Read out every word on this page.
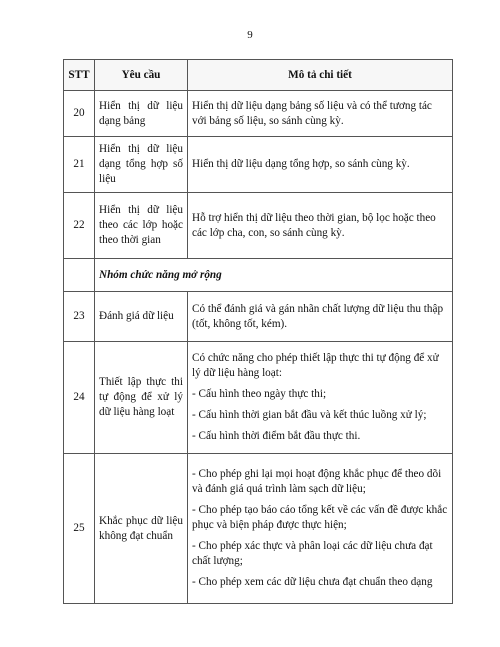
9
STT	Yêu cầu	Mô tả chi tiết
20	Hiển thị dữ liệu dạng bảng	Hiển thị dữ liệu dạng bảng số liệu và có thể tương tác với bảng số liệu, so sánh cùng kỳ.

21	Hiển thị dữ liệu dạng tổng hợp số liệu	Hiển thị dữ liệu dạng tổng hợp, so sánh cùng kỳ.

22	Hiển thị dữ liệu theo các lớp hoặc theo thời gian	Hỗ trợ hiển thị dữ liệu theo thời gian, bộ lọc hoặc theo các lớp cha, con, so sánh cùng kỳ.

	Nhóm chức năng mở rộng	
23	Đánh giá dữ liệu	Có thể đánh giá và gán nhãn chất lượng dữ liệu thu thập (tốt, không tốt, kém).

24	Thiết lập thực thi tự động để xử lý dữ liệu hàng loạt	Có chức năng cho phép thiết lập thực thi tự động để xử lý dữ liệu hàng loạt:

- Cấu hình theo ngày thực thi;

- Cấu hình thời gian bắt đầu và kết thúc luồng xử lý;

- Cấu hình thời điểm bắt đầu thực thi.

25	Khắc phục dữ liệu không đạt chuẩn	- Cho phép ghi lại mọi hoạt động khắc phục để theo dõi và đánh giá quá trình làm sạch dữ liệu;

- Cho phép tạo báo cáo tổng kết về các vấn đề được khắc phục và biện pháp được thực hiện;

- Cho phép xác thực và phân loại các dữ liệu chưa đạt chất lượng;

- Cho phép xem các dữ liệu chưa đạt chuẩn theo dạng
